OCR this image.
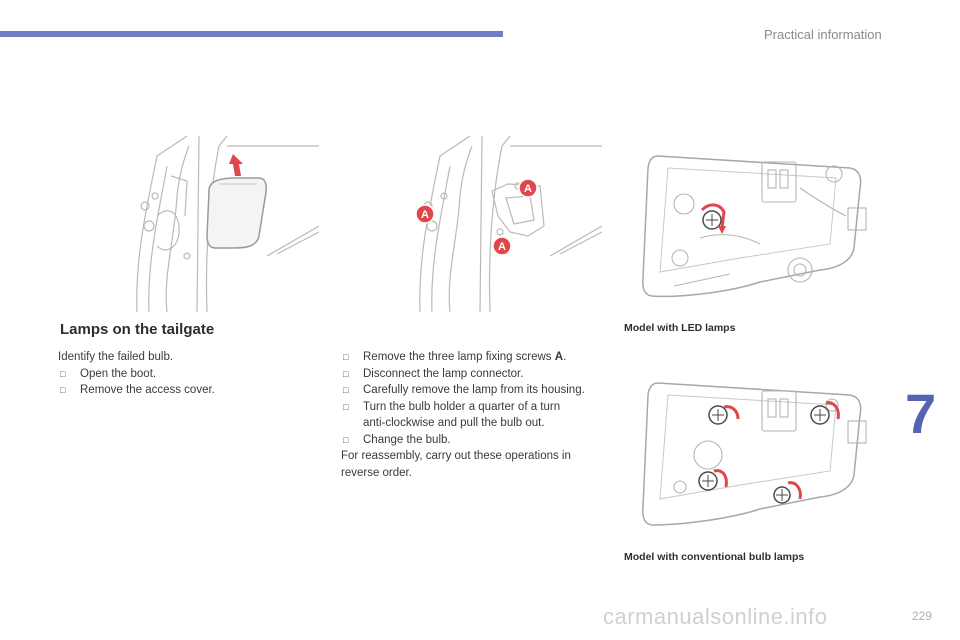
Practical information
A
A
A
Lamps on the tailgate
Identify the failed bulb.
□ Open the boot.
□ Remove the access cover.
□ Remove the three lamp fixing screws A.
□ Disconnect the lamp connector.
□ Carefully remove the lamp from its housing.
□ Turn the bulb holder a quarter of a turn
anti-clockwise and pull the bulb out.
□ Change the bulb.
For reassembly, carry out these operations in
reverse order.
Model with LED lamps
Model with conventional bulb lamps
7
229
carmanualsonline.info
